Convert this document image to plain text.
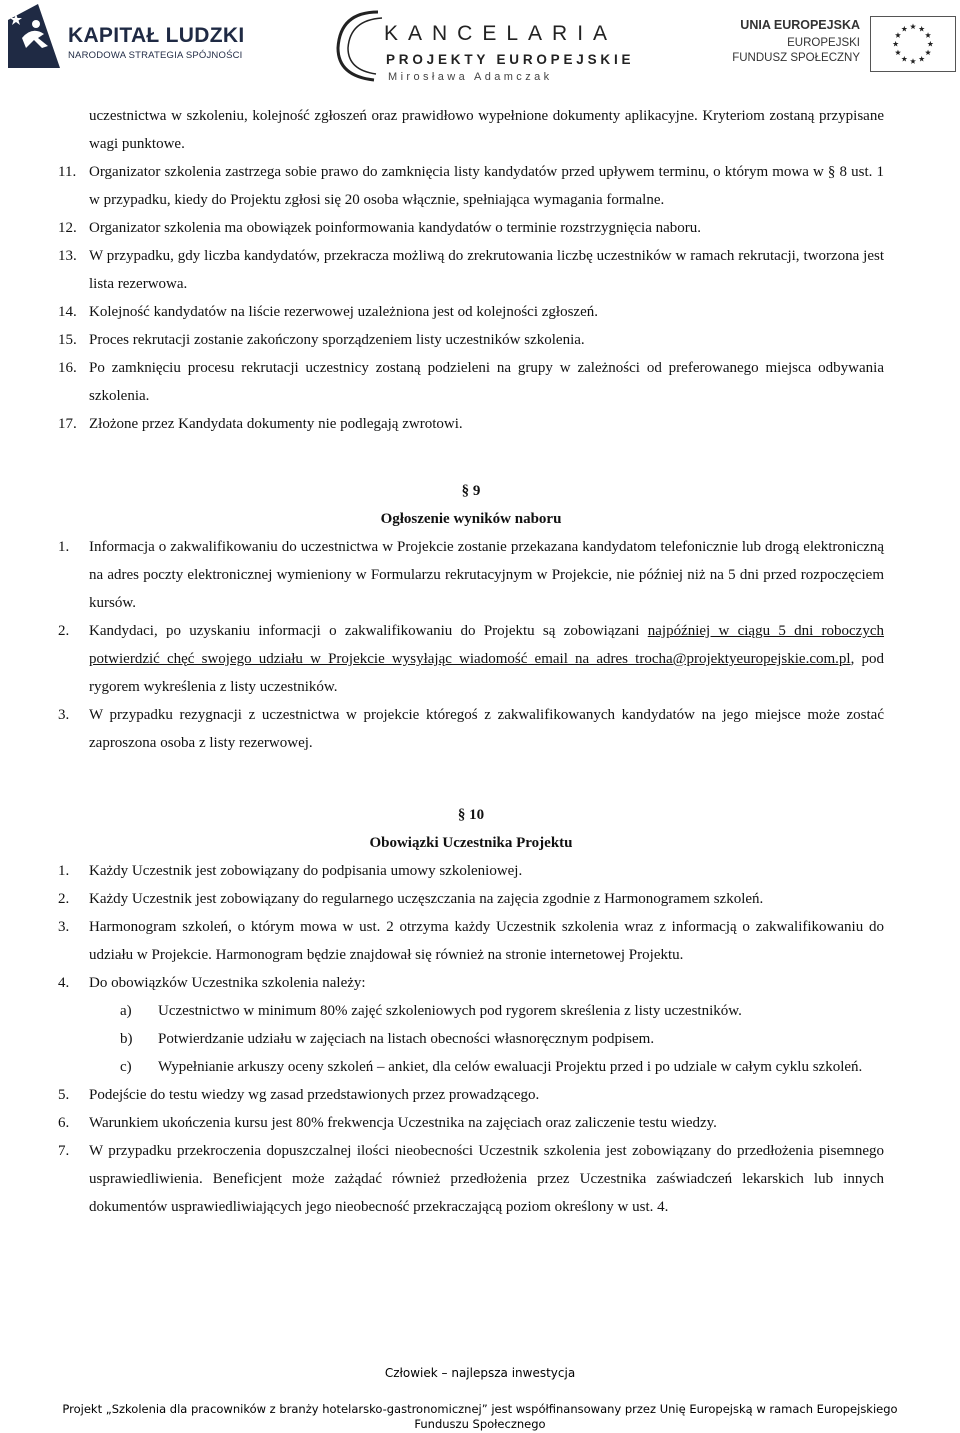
KAPITAŁ LUDZKI
NARODOWA STRATEGIA SPÓJNOŚCI
KANCELARIA
PROJEKTY EUROPEJSKIE
Mirosława Adamczak
UNIA EUROPEJSKA
EUROPEJSKI
FUNDUSZ SPOŁECZNY

uczestnictwa w szkoleniu, kolejność zgłoszeń oraz prawidłowo wypełnione dokumenty aplikacyjne. Kryteriom zostaną przypisane wagi punktowe.

11. Organizator szkolenia zastrzega sobie prawo do zamknięcia listy kandydatów przed upływem terminu, o którym mowa w § 8 ust. 1 w przypadku, kiedy do Projektu zgłosi się 20 osoba włącznie, spełniająca wymagania formalne.
12. Organizator szkolenia ma obowiązek poinformowania kandydatów o terminie rozstrzygnięcia naboru.
13. W przypadku, gdy liczba kandydatów, przekracza możliwą do zrekrutowania liczbę uczestników w ramach rekrutacji, tworzona jest lista rezerwowa.
14. Kolejność kandydatów na liście rezerwowej uzależniona jest od kolejności zgłoszeń.
15. Proces rekrutacji zostanie zakończony sporządzeniem listy uczestników szkolenia.
16. Po zamknięciu procesu rekrutacji uczestnicy zostaną podzieleni na grupy w zależności od preferowanego miejsca odbywania szkolenia.
17. Złożone przez Kandydata dokumenty nie podlegają zwrotowi.
§ 9
Ogłoszenie wyników naboru
1. Informacja o zakwalifikowaniu do uczestnictwa w Projekcie zostanie przekazana kandydatom telefonicznie lub drogą elektroniczną na adres poczty elektronicznej wymieniony w Formularzu rekrutacyjnym w Projekcie, nie później niż na 5 dni przed rozpoczęciem kursów.
2. Kandydaci, po uzyskaniu informacji o zakwalifikowaniu do Projektu są zobowiązani najpóźniej w ciągu 5 dni roboczych potwierdzić chęć swojego udziału w Projekcie wysyłając wiadomość email na adres trocha@projektyeuropejskie.com.pl, pod rygorem wykreślenia z listy uczestników.
3. W przypadku rezygnacji z uczestnictwa w projekcie któregoś z zakwalifikowanych kandydatów na jego miejsce może zostać zaproszona osoba z listy rezerwowej.
§ 10
Obowiązki Uczestnika Projektu
1. Każdy Uczestnik jest zobowiązany do podpisania umowy szkoleniowej.
2. Każdy Uczestnik jest zobowiązany do regularnego uczęszczania na zajęcia zgodnie z Harmonogramem szkoleń.
3. Harmonogram szkoleń, o którym mowa w ust. 2 otrzyma każdy Uczestnik szkolenia wraz z informacją o zakwalifikowaniu do udziału w Projekcie. Harmonogram będzie znajdował się również na stronie internetowej Projektu.
4. Do obowiązków Uczestnika szkolenia należy:
a) Uczestnictwo w minimum 80% zajęć szkoleniowych pod rygorem skreślenia z listy uczestników.
b) Potwierdzanie udziału w zajęciach na listach obecności własnoręcznym podpisem.
c) Wypełnianie arkuszy oceny szkoleń – ankiet, dla celów ewaluacji Projektu przed i po udziale w całym cyklu szkoleń.
5. Podejście do testu wiedzy wg zasad przedstawionych przez prowadzącego.
6. Warunkiem ukończenia kursu jest 80% frekwencja Uczestnika na zajęciach oraz zaliczenie testu wiedzy.
7. W przypadku przekroczenia dopuszczalnej ilości nieobecności Uczestnik szkolenia jest zobowiązany do przedłożenia pisemnego usprawiedliwienia. Beneficjent może zażądać również przedłożenia przez Uczestnika zaświadczeń lekarskich lub innych dokumentów usprawiedliwiających jego nieobecność przekraczającą poziom określony w ust. 4.
Człowiek – najlepsza inwestycja
Projekt „Szkolenia dla pracowników z branży hotelarsko-gastronomicznej” jest współfinansowany przez Unię Europejską w ramach Europejskiego Funduszu Społecznego
